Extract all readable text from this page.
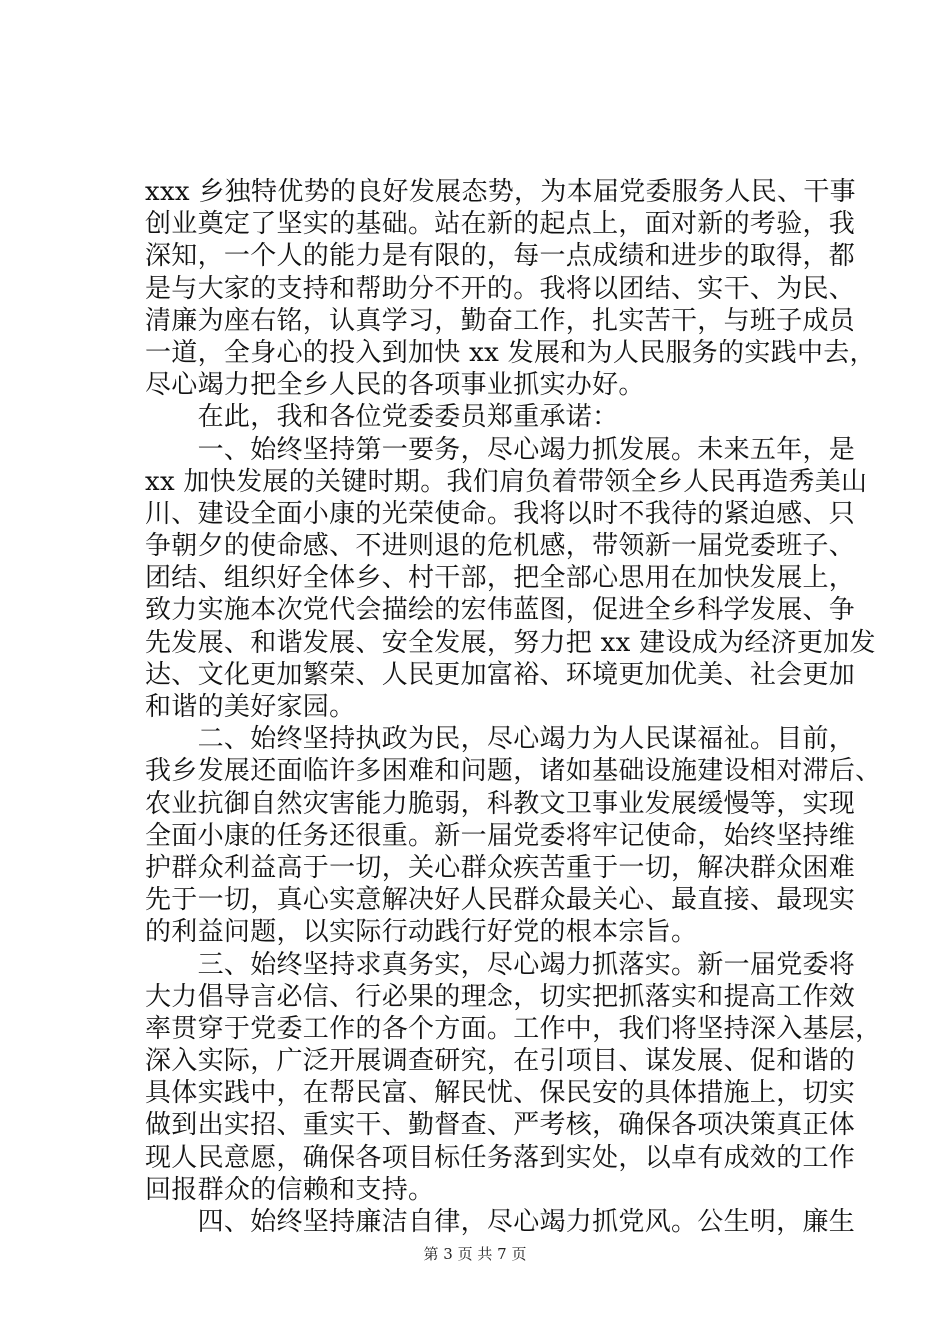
xxx 乡独特优势的良好发展态势，为本届党委服务人民、干事
创业奠定了坚实的基础。站在新的起点上，面对新的考验，我
深知，一个人的能力是有限的，每一点成绩和进步的取得，都
是与大家的支持和帮助分不开的。我将以团结、实干、为民、
清廉为座右铭，认真学习，勤奋工作，扎实苦干，与班子成员
一道，全身心的投入到加快 xx 发展和为人民服务的实践中去，
尽心竭力把全乡人民的各项事业抓实办好。
　　在此，我和各位党委委员郑重承诺：
　　一、始终坚持第一要务，尽心竭力抓发展。未来五年，是
xx 加快发展的关键时期。我们肩负着带领全乡人民再造秀美山
川、建设全面小康的光荣使命。我将以时不我待的紧迫感、只
争朝夕的使命感、不进则退的危机感，带领新一届党委班子、
团结、组织好全体乡、村干部，把全部心思用在加快发展上，
致力实施本次党代会描绘的宏伟蓝图，促进全乡科学发展、争
先发展、和谐发展、安全发展，努力把 xx 建设成为经济更加发
达、文化更加繁荣、人民更加富裕、环境更加优美、社会更加
和谐的美好家园。
　　二、始终坚持执政为民，尽心竭力为人民谋福祉。目前，
我乡发展还面临许多困难和问题，诸如基础设施建设相对滞后、
农业抗御自然灾害能力脆弱，科教文卫事业发展缓慢等，实现
全面小康的任务还很重。新一届党委将牢记使命，始终坚持维
护群众利益高于一切，关心群众疾苦重于一切，解决群众困难
先于一切，真心实意解决好人民群众最关心、最直接、最现实
的利益问题，以实际行动践行好党的根本宗旨。
　　三、始终坚持求真务实，尽心竭力抓落实。新一届党委将
大力倡导言必信、行必果的理念，切实把抓落实和提高工作效
率贯穿于党委工作的各个方面。工作中，我们将坚持深入基层，
深入实际，广泛开展调查研究，在引项目、谋发展、促和谐的
具体实践中，在帮民富、解民忧、保民安的具体措施上，切实
做到出实招、重实干、勤督查、严考核，确保各项决策真正体
现人民意愿，确保各项目标任务落到实处，以卓有成效的工作
回报群众的信赖和支持。
　　四、始终坚持廉洁自律，尽心竭力抓党风。公生明，廉生
第 3 页 共 7 页
